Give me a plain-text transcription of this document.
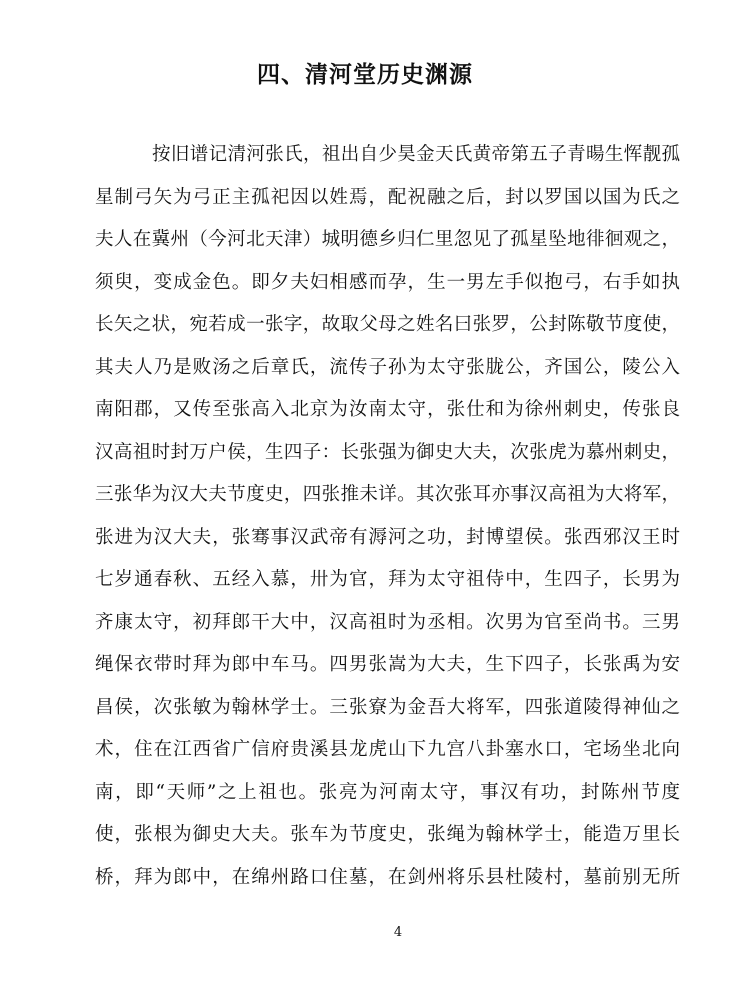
四、清河堂历史渊源
按旧谱记清河张氏，祖出自少昊金天氏黄帝第五子青暘生恽靓孤
星制弓矢为弓正主孤祀因以姓焉，配祝融之后，封以罗国以国为氏之
夫人在冀州（今河北天津）城明德乡归仁里忽见了孤星坠地徘徊观之，
须臾，变成金色。即夕夫妇相感而孕，生一男左手似抱弓，右手如执
长矢之状，宛若成一张字，故取父母之姓名曰张罗，公封陈敬节度使，
其夫人乃是败汤之后章氏，流传子孙为太守张胧公，齐国公，陵公入
南阳郡，又传至张高入北京为汝南太守，张仕和为徐州刺史，传张良
汉高祖时封万户侯，生四子：长张强为御史大夫，次张虎为慕州刺史，
三张华为汉大夫节度史，四张推未详。其次张耳亦事汉高祖为大将军，
张进为汉大夫，张骞事汉武帝有溽河之功，封博望侯。张西邪汉王时
七岁通春秋、五经入慕，卅为官，拜为太守祖侍中，生四子，长男为
齐康太守，初拜郎干大中，汉高祖时为丞相。次男为官至尚书。三男
绳保衣带时拜为郎中车马。四男张嵩为大夫，生下四子，长张禹为安
昌侯，次张敏为翰林学士。三张寮为金吾大将军，四张道陵得神仙之
术，住在江西省广信府贵溪县龙虎山下九宫八卦塞水口，宅场坐北向
南，即“天师”之上祖也。张亮为河南太守，事汉有功，封陈州节度
使，张根为御史大夫。张车为节度史，张绳为翰林学士，能造万里长
桥，拜为郎中，在绵州路口住墓，在剑州将乐县杜陵村，墓前别无所
4
